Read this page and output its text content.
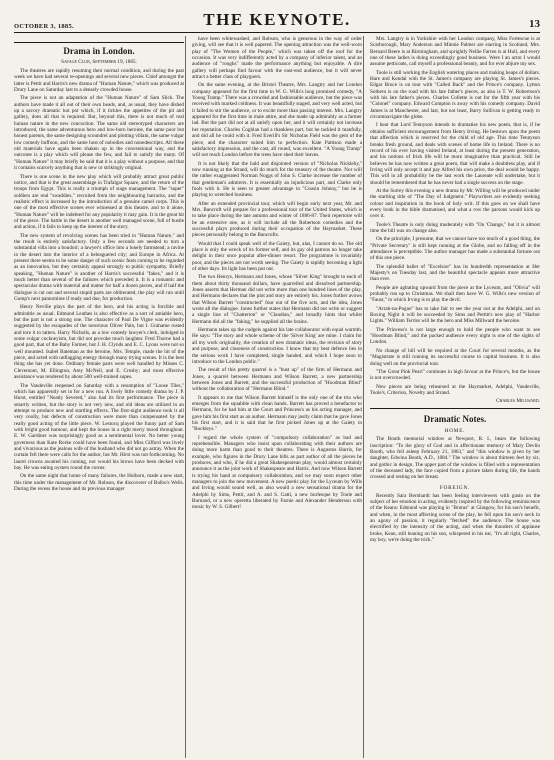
OCTOBER 3, 1885.	THE KEYNOTE.	13
Drama in London.
Savage Club, September 19, 1885.

The theatres are rapidly resuming their normal condition, and during the past week we have had several re-openings and several new pieces. Chief amongst the latter is Pettit and Harris's new drama of "Human Nature," which was produced at Drury Lane on Saturday last to a densely crowded house.

The piece is not an adaptation of the "Human Nature" of Sam Slick. The authors have made it all out of their own heads, and, as usual, they have dished up a savory dramatic hot pot which, if it tickles the appetites of the pit and gallery, does all that is required. But, beyond this, there is not much of real human nature in the new concoction. The same old stereotyped characters are introduced, the same adventurous hero and low-born heroine, the same poor but honest parents, the same designing scoundrel and plotting villain, the same vulgar low comedy buffoon, and the same host of nobodies and nonedescripts. All these old materials have again been shaken up in the conventional way, and the outcome is a play which will please the few, and fail to satisfy the many. Of "Human Nature" it may briefly be said that it is a play without a purpose, and that it contains scarcely anything that is new or strikingly original.

There is one scene in the new play which will probably attract great public notice, and that is the great assemblage in Trafalgar Square, and the return of the troops from Egypt. This is really a triumph of stage management. The "super" soldiers are real "swaddies," recruited from the neighbouring barracks, and the realistic effect is increased by the introduction of a genuine camel corps. This is one of the most effective scenes ever witnessed at this theatre, and to it alone, "Human Nature" will be indebted for any popularity it may gain. It is the great hit of the piece. The battle in the desert is another well managed scene, full of bustle and action, if it fails to keep up the interest of the story.

The new system of revolving scenes has been tried in "Human Nature," and the result is entirely satisfactory. Only a few seconds are needed to turn a substantial villa into a boudoir; a lawyer's office into a lonely farmstead; a ravine in the desert into the interior of a beleaguered city; and Europe in Africa. At present there seems to be some danger of such scenic feats coming to be regarded as an innovation, but they certainly appeal strongly to public sympathy. Briefly speaking, "Human Nature" is another of Harris's successful "fakes," and it is much better than several of the failures which preceded it. It is a romantic and spectacular drama with material and matter for half a dozen pieces, and if half the dialogue is cut out and several stupid parts are obliterated, the play will run until Gump's next pantomime if ready and due, for production.

Henry Neville plays the part of the hero, and his acting is forcible and admirable as usual. Edmund Leathes is also effective as a sort of amiable hero, but the part is not a strong one. The character of Paul De Vigne was evidently suggested by the escapades of the notorious Oliver Pain, but I. Grahame rusted and tore it to tatters. Harry Nicholls, as a low comedy lawyer's clerk, indulged in some vulgar cockneyism, but did not provoke much laughter. Fred Thorne had a good part, that of the Baby Farmer, but J. H. Clynds and E. C. Lyons were not so well mounted. Isabel Bateman as the heroine, Mrs. Temple, made the hit of the piece, and acted with unflagging energy through many trying scenes. It is the best thing she has yet done. Ordinary female parts were well handled by Misses C. Clevemont, M. Ellington, Amy McNeil, and E. Crosby; and most effective assistance was rendered by about 500 well-trained supes.

The Vaudeville reopened on Saturday with a resumption of "Loose Tiles," which has apparently set in for a new run. A lively little comedy drama by J. P. Hurst, entitled "Neatly Severed," also had its first performance. The piece is smartly written, but the story is not very new, and old ideas are utilized in an attempt to produce new and startling effects. The first-night audience took it all very coolly, but defects of construction were more than compensated by the really good acting of the little piece. W. Lestocq played the funny part of Sam with bright good humour, and kept the house in a right merry mood throughout. E. W. Gardiner was surprisingly good as a sentimental lover. No better young governess than Kate Rorke could have been found, and Miss Gifford was lively and vivacious as the jealous wife of the husband who did not go astray. When the curtain fell there were calls for the author, but Mr. Hirst was not forthcoming. No laurel crowns awaited his coming, nor would his brows have been decked with bay. He was eating oysters round the corner.

On the same night that home of many failures, the Holborn, made a new start, this time under the management of Mr. Robson, the discoverer of Bulbo's Wells. During the recess the house and its previous manager

have been whitewashed, and Robson, who is generous in the way of order giving, will see that it is well papered. The opening attraction was the well-worn play of "The Women of the People," which was taken off the roof for the occasion. It was very indifferently acted by a company of inferior talent, and an audience of "roughs" made the performance anything but enjoyable. A dire gallery will perhaps find favour with the east-end audience, but it will never attract a better class of playgoers.

On the same evening, at the Bristol Theatre, Mrs. Langtry and her London company appeared for the first time in W. G. Wills's long promised comedy, "A Young Tramp." There was a crowded and fashionable audience, but the piece was received with marked coldness. It was beautifully staged, and very well acted, but it failed to stir the audience, or to excite more than passing interest. Mrs. Langtry appeared for the first time in male attire, and she made up admirably as a farmer lad. But the part did not at all satisfy upon her, and it will certainly not increase her reputation. Charles Coghlan had a thankless part, but he tackled it manfully, and did all he could with it. Fred Everill's Sir Nicholas Field was the gem of the piece, and the character suited him to perfection. Kate Pattison made a satisfactory impression, and the cast, all round, was excellent. "A Young Tramp" will not reach London before the trees have shed their leaves.

It is not likely that the bald and disjointed version of "Nicholas Nickleby," now running at the Strand, will do much for the treasury of the theatre. Nor will the rather exaggerated Norman Noggs of John S. Clarke increase the number of that gentleman's admirers. It is essentially an injudicious part, and Clarke only fools with it. He is seen to greater advantage in "Cousin Johnny," but he is playing to wretched business.

After an extended provincial tour, which will begin early next year, Mr. and Mrs. Bancroft will prepare for a professional tour of the United States, which is to take place during the late autumn and winter of 1886-87. Their repertoire will be an extensive one, as it will include all the Robertson comedies and the successful plays produced during their occupation of the Haymarket. These pieces personally belong to the Bancrofts.

Would that I could speak well of the Gaiety, but, alas, I cannot do so. The old place is only the wreck of its former self, and its gay old patrons no longer take delight in their once popular after-dinner resort. The programme is invariably poor, and the pieces are not worth seeing. The Gaiety is rapidly becoming a light of other days. Its light has been put out.

The two Henrys, Hermann and Jones, whose "Silver King" brought to each of them about thirty thousand dollars, have quarrelled and dissolved partnership. Jones asserts that Herman did not write more than one hundred lines of the play, and Hermann declares that the plot and story are entirely his. Jones further avows that Wilson Barrett "constructed" four out of the five acts, and the idea, Jones wrote all the dialogue. Jones further states that Hermann did not write or suggest a single line of "Chatterton" or "Claudian," and broadly hints that whilst Hermann did all the "faking," he supplied all the brains.

Hermann takes up the cudgels against his late collaborator with equal warmth. He says: "The story and whole scheme of the 'Silver King' are mine. I claim for all my work originality, the creation of new dramatic ideas, the revision of story and purpose, and closeness of construction. I know that my best defence lies in the serious work I have completed, single handed, and which I hope soon to introduce to the London public."

The result of this pretty quarrel is a "bust up" of the firm of Hermann and Jones, a quarrel between Hermann and Wilson Barrett, a new partnership between Jones and Barrett, and the successful production of "Hoodman Blind" without the collaboration of "Hermann Blind."

It appears to me that Wilson Barrett himself is the only one of the trio who emerges from the squabble with clean hands. Barrett has proved a benefactor to Hermann, for he had him at the Court and Princess's as his acting manager, and gave him his first start as an author. Hermann may justly claim that he gave Jones his first start, and it is said that he first picked Jones up at the Gaiety in "Rockleys."

I regard the whole system of "compulsory collaboration" as bad and reprehensible. Managers who insist upon collaborating with their authors are doing more harm than good to their theatres. There is Augustus Harris, for example, who figures in the Drury Lane bills as part author of all the pieces he produces, and who, if he did a great Shakespearean play, would almost certainly announce it as the joint work of Shakespeare and Harris. And now Wilson Barrett is trying his hand at compulsory collaboration, and we may soon expect other managers to join the new movement. A new poetic play for the Lyceum by Wills and Irving would sound well, as also would a new sensational drama for the Adelphi by Sims, Pettit, and A. and S. Gatti, a new burlesque by Toole and Burnand, or a new operetta liberated by Farnie and Alexander Henderson with music by W. S. Gilbert!

Mrs. Langtry is in Yorkshire with her London company, Miss Fortescue is at Scarborough, Mary Anderson and Minnie Palmer are starring in Scotland, Mrs. Bernard Beere is at Birmingham, and sprightly Nellie Farren is at Hull, and every one of these ladies is doing exceedingly good business. Were I an actor I would assume petticoats, call myself a professional beauty, and for ever abjure my sex.

Toole is still working the English watering places and making heaps of dollars. Hare and Kendal with the St. James's company are playing St. James's pieces. Edgar Bruce is on tour with "Called Back" and the Prince's company. Lytton Sothern is on the road with his late father's pieces, as also is T. W. Robertson's with his late father's pieces. Charles Collette is out for the fifth year with his "Colonel" company. Edward Compton is away with his comedy company. David James is at Manchester, and last, but not least, Barry Sullivan is getting ready to circumnavigate the globe.

I hear that Lord Tennyson intends to dramatise his new poem, that is, if he obtains sufficient encouragement from Henry Irving. He bestows upon the poem that affection which is reserved for the child of old age. This time Tennyson breaks fresh ground, and deals with scenes of home life in Ireland. There is no record of his ever having visited Ireland, at least during the present generation, and his notions of Irish life will be more imaginative than practical. Still he believes he has now written a great poem, that will make a doubtless play, and if Irving will only accept it and pay Alfred his own price, the deal would be happy. This will in all probability be the last work the Laureate will undertake, but it should be remembered that he has never had a single success on the stage.

At the Surrey this evening a new drama by Mr. Willing will be produced under the startling title of "The Day of Judgment." Playwriters are evidently seeking colour and inspiration in the book of holy writ. If this goes on we shall have every book in the bible dramatised, and what a row the parsons would kick up over it.

Toole's Theatre is only doing moderately with "On 'Change," but it is almost time the bill was on change also.

On the principle, I presume, that we cannot have too much of a good thing, the "Private Secretary" is still kept running at the Globe, and no falling off in the attendance is perceptible. The author manager has made a substantial fortune out of this one piece.

The splendid ballet of "Excelsior" has its hundredth representation at Her Majesty's on Tuesday last, and the beautiful spectacle appears more attractive than ever.

People are agitating upward from the piece at the Lyceum, and "Olivia" will probably run up to Christmas. We shall then have W. G. Wills's new version of "Faust," in which Irving is to play the devil.

"Arrah-na-Pogue" has to take fair to see the year out at the Adelphi, and on Boxing Night it will be succeeded by Sims and Pettitt's new play of "Harbor Lights." William Terriss will be the hero and Miss Millward the heroine.

The Princess's is not large enough to hold the people who want to see "Hoodman Blind," and the packed audience every night is one of the sights of London.

No change of bill will be required at the Court for several months, as the "Magistrate is still running its successful course to capital business. It is also doing well on the provincial tour.

"The Great Pink Pearl" continues in high favour at the Prince's, but the house is not overcrowded.

New pieces are being rehearsed at the Haymarket, Adelphi, Vaudeville, Toole's, Criterion, Novelty and Strand.

Charles Millward.
Dramatic Notes.
HOME.

The Booth memorial window at Newport, R. I., bears the following inscription: "To the glory of God and in affectionate memory of Mary Devlin Booth, who fell asleep February 21, 1863," and "this window is given by her daughter, Edwina Booth, A.D., 1884." The window is about thirteen feet by six, and gothic in design. The upper part of the window is filled with a representation of the deceased lady, the face copied from a picture taken during life, the hands crossed and resting on her breast.

FOREIGN.

Recently Sara Bernhardt has been feeling interviewers with gusto on the subject of her emotion in acting, evidently inspired by the following reminiscence of the Keans: Edmund was playing in "Brutus" at Glasgow, for his son's benefit, and when, in the most affecting scene of the play, he fell upon his son's neck in an agony of passion, it regularly "fetched" the audience. The house was electrified by the intensity of the acting, and when the thunders of applause broke, Kean, still leaning on his son, whispered in his ear, "It's all right, Charles, my boy, we're doing the trick."
